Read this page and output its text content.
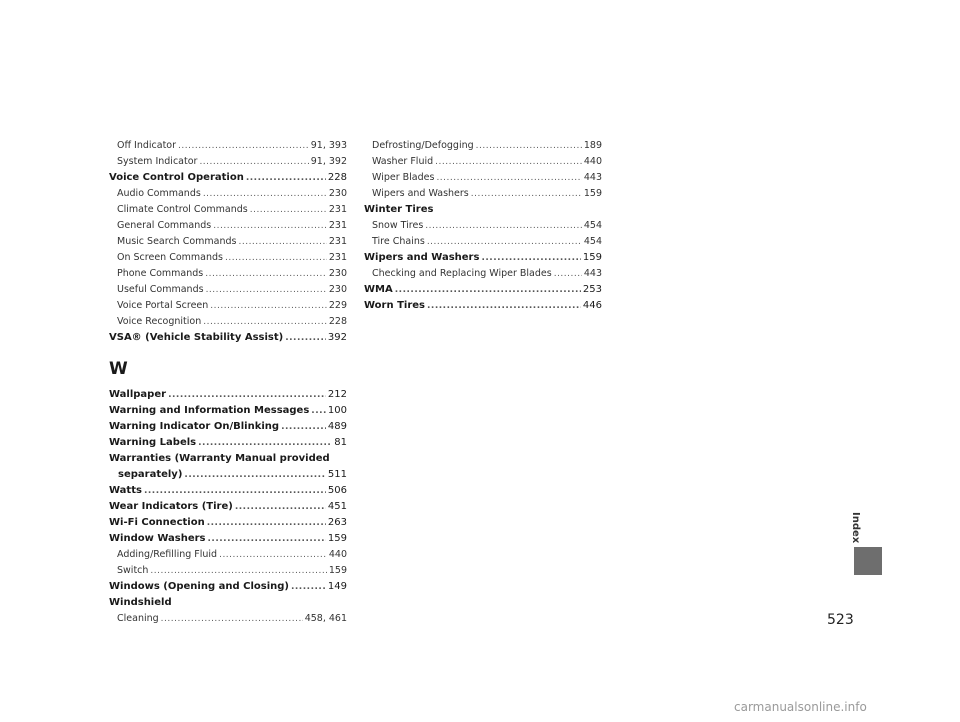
Off Indicator .....	91, 393
System Indicator .....	91, 392
Voice Control Operation .....	228
Audio Commands .....	230
Climate Control Commands .....	231
General Commands .....	231
Music Search Commands .....	231
On Screen Commands .....	231
Phone Commands .....	230
Useful Commands .....	230
Voice Portal Screen .....	229
Voice Recognition .....	228
VSA® (Vehicle Stability Assist) .....	392
W
Wallpaper .....	212
Warning and Information Messages ..... 100
Warning Indicator On/Blinking .....	489
Warning Labels .....	81
Warranties (Warranty Manual provided
separately) .....	511
Watts .....	506
Wear Indicators (Tire) .....	451
Wi-Fi Connection .....	263
Window Washers .....	159
Adding/Refilling Fluid .....	440
Switch .....	159
Windows (Opening and Closing) .....	149
Windshield
Cleaning .....	458, 461
Defrosting/Defogging .....	189
Washer Fluid .....	440
Wiper Blades .....	443
Wipers and Washers .....	159
Winter Tires
Snow Tires .....	454
Tire Chains .....	454
Wipers and Washers .....	159
Checking and Replacing Wiper Blades .....	443
WMA .....	253
Worn Tires .....	446
Index
523
carmanualsonline.info
